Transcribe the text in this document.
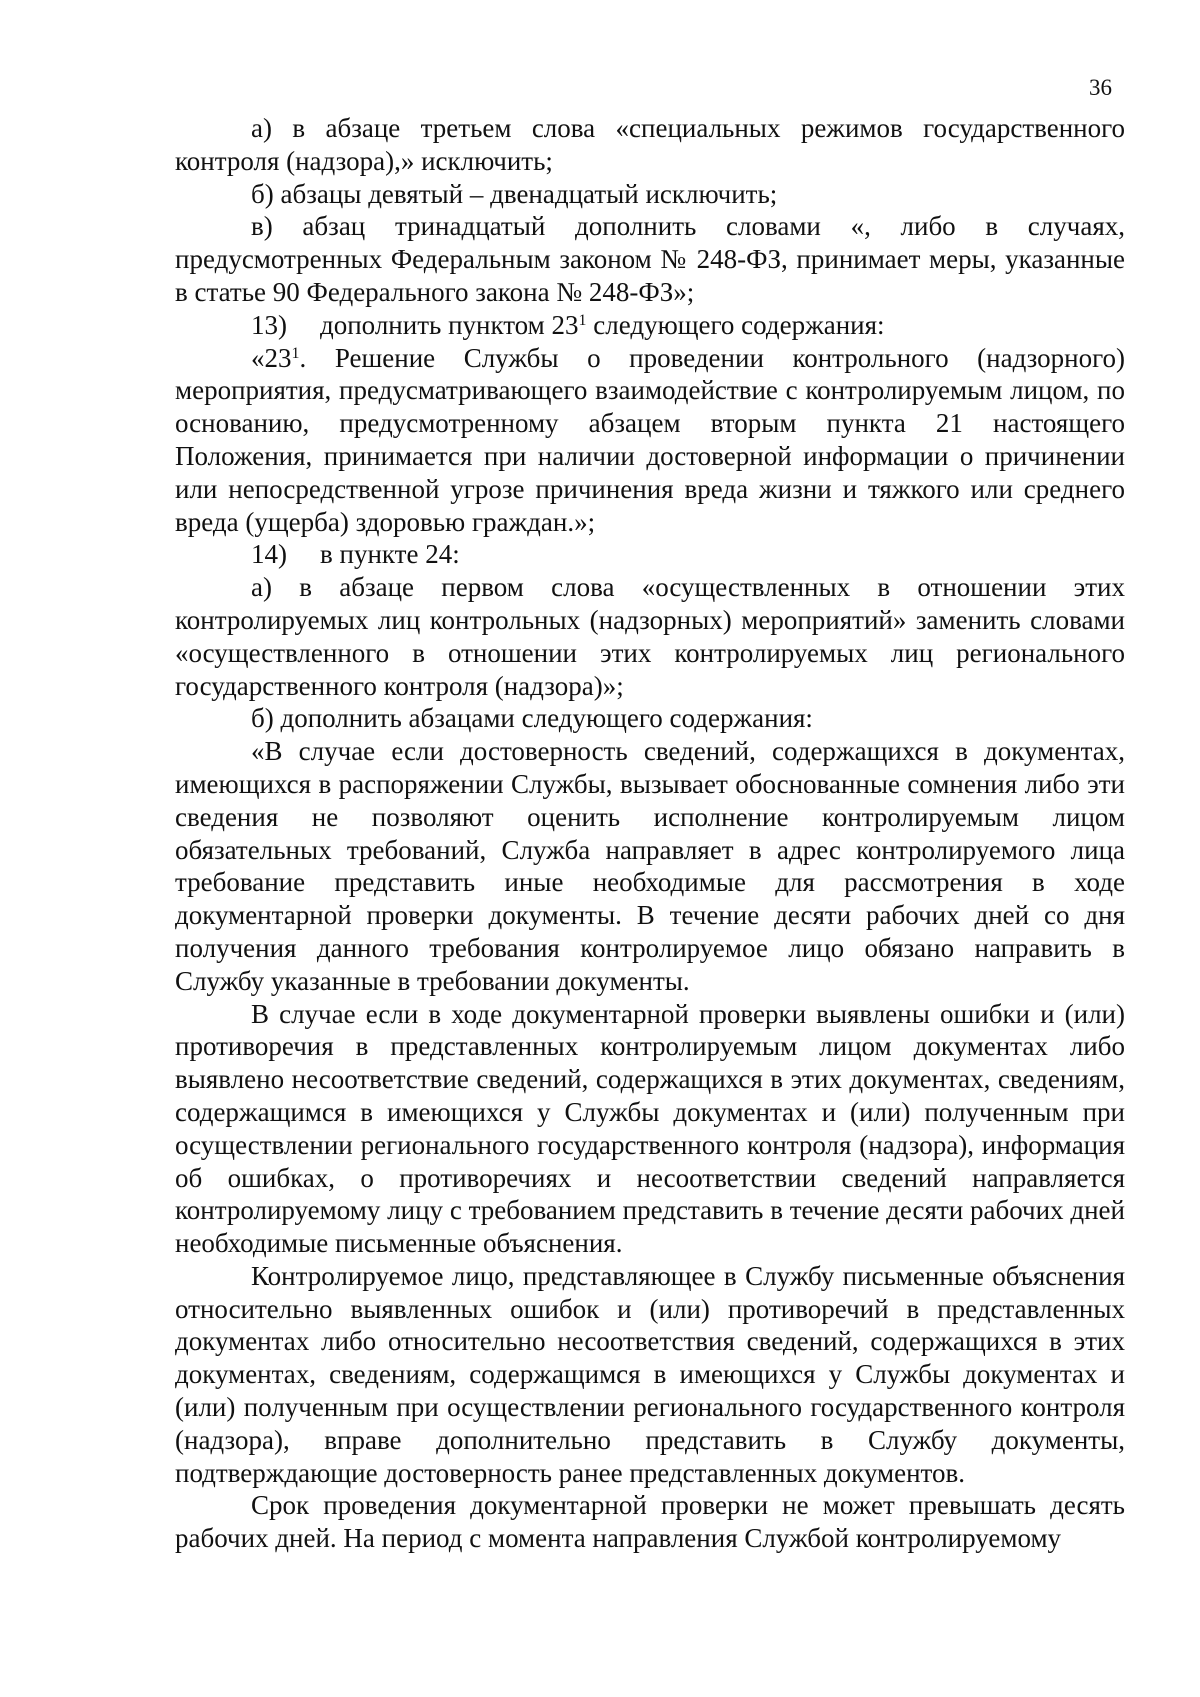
36

а) в абзаце третьем слова «специальных режимов государственного контроля (надзора),» исключить;

б) абзацы девятый – двенадцатый исключить;

в) абзац тринадцатый дополнить словами «, либо в случаях, предусмотренных Федеральным законом № 248-ФЗ, принимает меры, указанные в статье 90 Федерального закона № 248-ФЗ»;

13) дополнить пунктом $23^1$ следующего содержания:

«$23^1$. Решение Службы о проведении контрольного (надзорного) мероприятия, предусматривающего взаимодействие с контролируемым лицом, по основанию, предусмотренному абзацем вторым пункта 21 настоящего Положения, принимается при наличии достоверной информации о причинении или непосредственной угрозе причинения вреда жизни и тяжкого или среднего вреда (ущерба) здоровью граждан.»;

14) в пункте 24:

а) в абзаце первом слова «осуществленных в отношении этих контролируемых лиц контрольных (надзорных) мероприятий» заменить словами «осуществленного в отношении этих контролируемых лиц регионального государственного контроля (надзора)»;

б) дополнить абзацами следующего содержания:

«В случае если достоверность сведений, содержащихся в документах, имеющихся в распоряжении Службы, вызывает обоснованные сомнения либо эти сведения не позволяют оценить исполнение контролируемым лицом обязательных требований, Служба направляет в адрес контролируемого лица требование представить иные необходимые для рассмотрения в ходе документарной проверки документы. В течение десяти рабочих дней со дня получения данного требования контролируемое лицо обязано направить в Службу указанные в требовании документы.

В случае если в ходе документарной проверки выявлены ошибки и (или) противоречия в представленных контролируемым лицом документах либо выявлено несоответствие сведений, содержащихся в этих документах, сведениям, содержащимся в имеющихся у Службы документах и (или) полученным при осуществлении регионального государственного контроля (надзора), информация об ошибках, о противоречиях и несоответствии сведений направляется контролируемому лицу с требованием представить в течение десяти рабочих дней необходимые письменные объяснения.

Контролируемое лицо, представляющее в Службу письменные объяснения относительно выявленных ошибок и (или) противоречий в представленных документах либо относительно несоответствия сведений, содержащихся в этих документах, сведениям, содержащимся в имеющихся у Службы документах и (или) полученным при осуществлении регионального государственного контроля (надзора), вправе дополнительно представить в Службу документы, подтверждающие достоверность ранее представленных документов.

Срок проведения документарной проверки не может превышать десять рабочих дней. На период с момента направления Службой контролируемому
